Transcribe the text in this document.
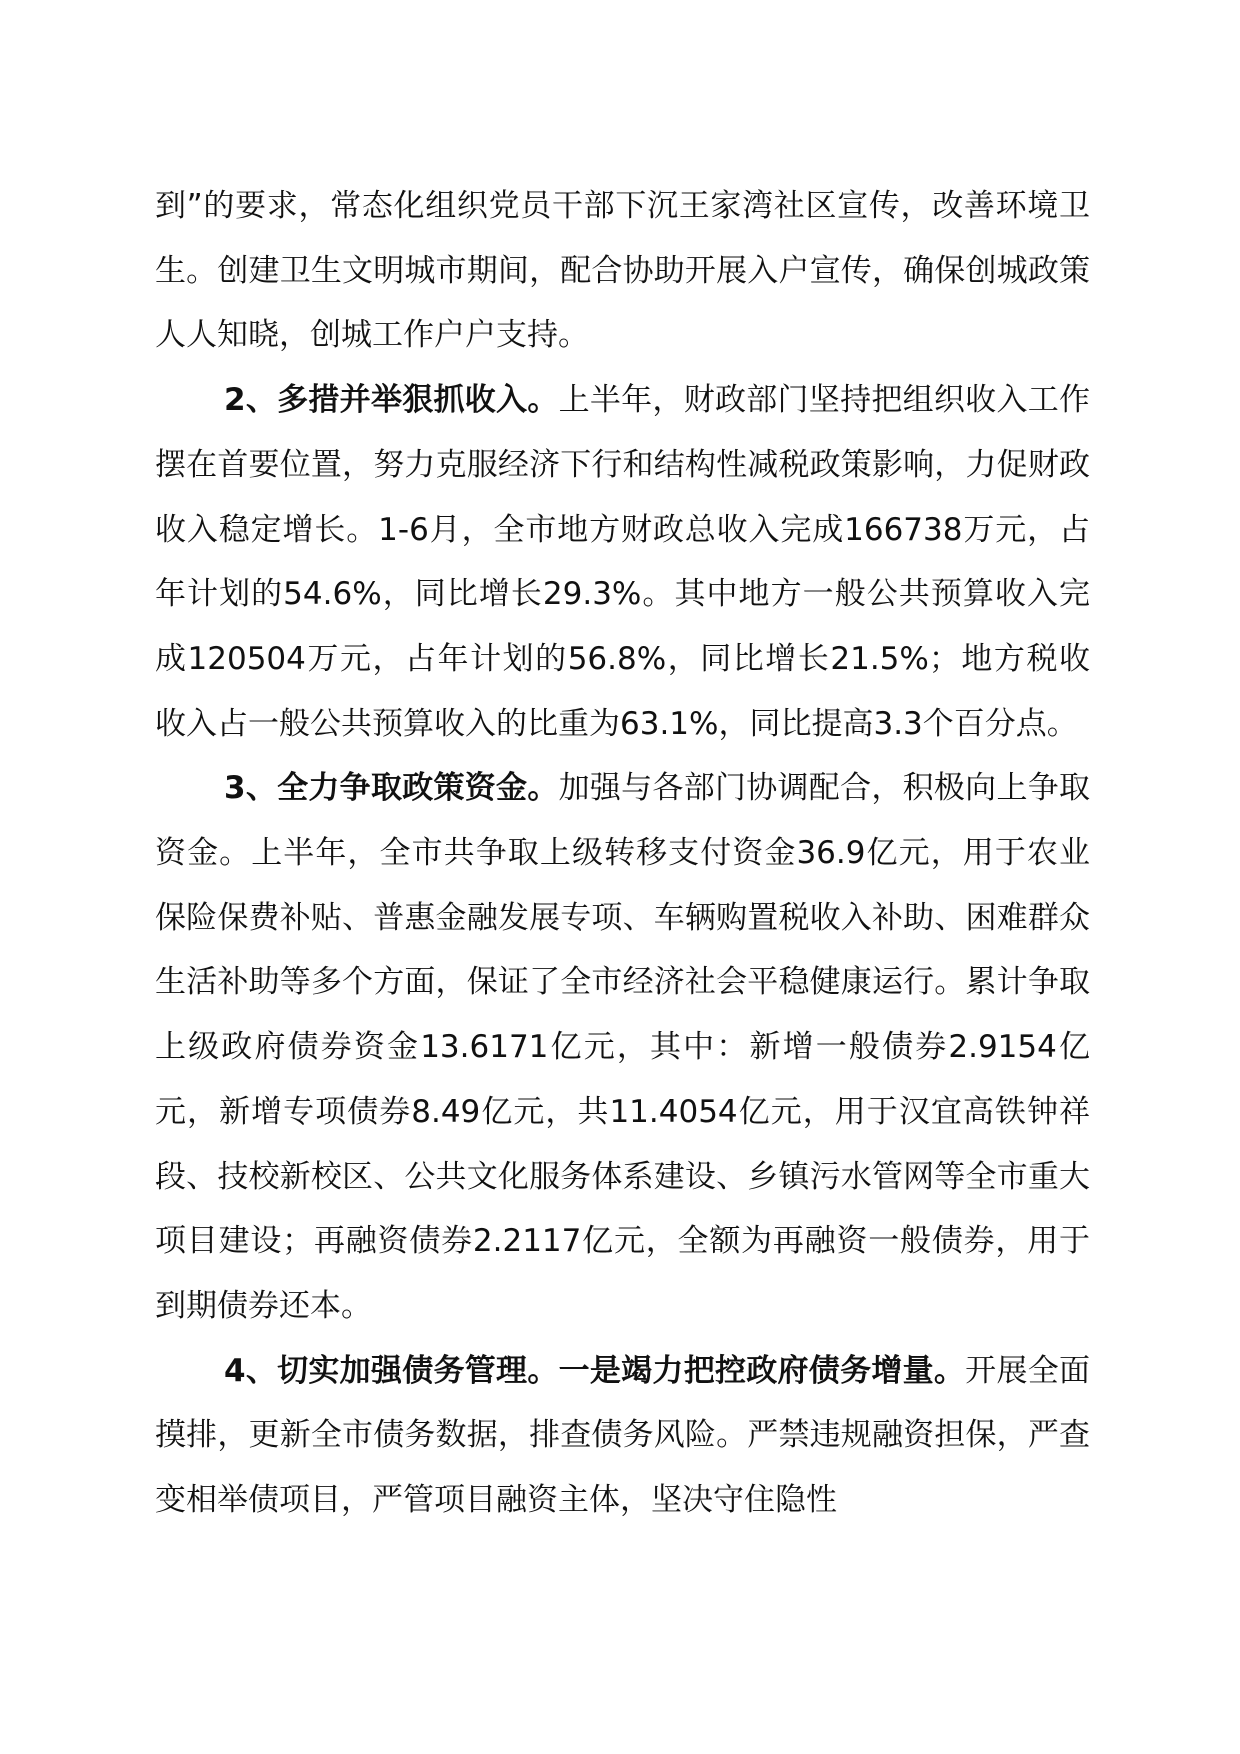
到”的要求，常态化组织党员干部下沉王家湾社区宣传，改善环境卫生。创建卫生文明城市期间，配合协助开展入户宣传，确保创城政策人人知晓，创城工作户户支持。

2、多措并举狠抓收入。上半年，财政部门坚持把组织收入工作摆在首要位置，努力克服经济下行和结构性减税政策影响，力促财政收入稳定增长。1-6月，全市地方财政总收入完成166738万元，占年计划的54.6%，同比增长29.3%。其中地方一般公共预算收入完成120504万元，占年计划的56.8%，同比增长21.5%；地方税收收入占一般公共预算收入的比重为63.1%，同比提高3.3个百分点。

3、全力争取政策资金。加强与各部门协调配合，积极向上争取资金。上半年，全市共争取上级转移支付资金36.9亿元，用于农业保险保费补贴、普惠金融发展专项、车辆购置税收入补助、困难群众生活补助等多个方面，保证了全市经济社会平稳健康运行。累计争取上级政府债券资金13.6171亿元，其中：新增一般债券2.9154亿元，新增专项债券8.49亿元，共11.4054亿元，用于汉宜高铁钟祥段、技校新校区、公共文化服务体系建设、乡镇污水管网等全市重大项目建设；再融资债券2.2117亿元，全额为再融资一般债券，用于到期债券还本。

4、切实加强债务管理。一是竭力把控政府债务增量。开展全面摸排，更新全市债务数据，排查债务风险。严禁违规融资担保，严查变相举债项目，严管项目融资主体，坚决守住隐性
